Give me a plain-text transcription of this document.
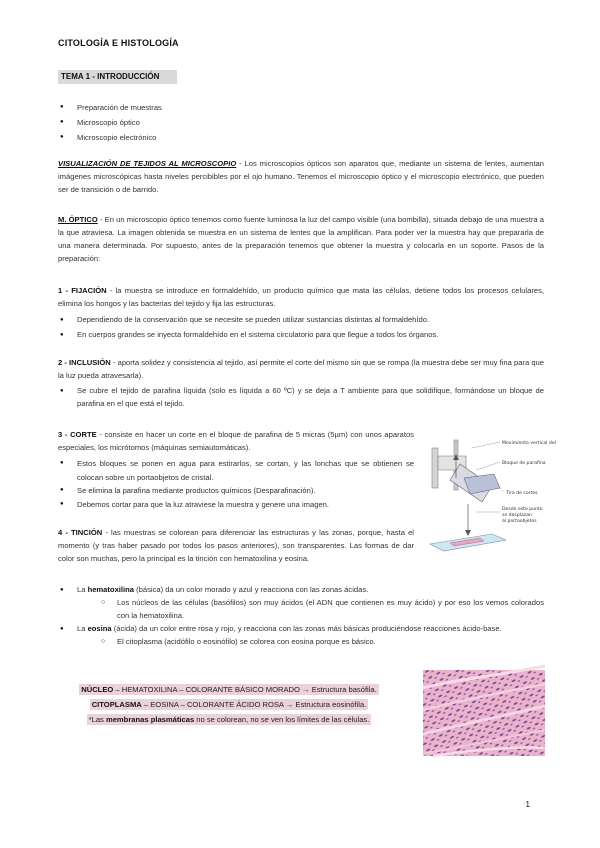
CITOLOGÍA E HISTOLOGÍA
TEMA 1 - INTRODUCCIÓN
● Preparación de muestras
● Microscopio óptico
● Microscopio electrónico
VISUALIZACIÓN DE TEJIDOS AL MICROSCOPIO - Los microscopios ópticos son aparatos que, mediante un sistema de lentes, aumentan imágenes microscópicas hasta niveles percibibles por el ojo humano. Tenemos el microscopio óptico y el microscopio electrónico, que pueden ser de transición o de barrido.
M. ÓPTICO - En un microscopio óptico tenemos como fuente luminosa la luz del campo visible (una bombilla), situada debajo de una muestra a la que atraviesa. La imagen obtenida se muestra en un sistema de lentes que la amplifican. Para poder ver la muestra hay que prepararla de una manera determinada. Por supuesto, antes de la preparación tenemos que obtener la muestra y colocarla en un soporte. Pasos de la preparación:
1 - FIJACIÓN - la muestra se introduce en formaldehído, un producto químico que mata las células, detiene todos los procesos celulares, elimina los hongos y las bacterias del tejido y fija las estructuras.
● Dependiendo de la conservación que se necesite se pueden utilizar sustancias distintas al formaldehído.
● En cuerpos grandes se inyecta formaldehído en el sistema circulatorio para que llegue a todos los órganos.
2 - INCLUSIÓN - aporta solidez y consistencia al tejido, así permite el corte del mismo sin que se rompa (la muestra debe ser muy fina para que la luz pueda atravesarla).
● Se cubre el tejido de parafina líquida (solo es líquida a 60 ºC) y se deja a T ambiente para que solidifique, formándose un bloque de parafina en el que está el tejido.
3 - CORTE - consiste en hacer un corte en el bloque de parafina de 5 micras (5µm) con unos aparatos especiales, los micrótomos (máquinas semiautomáticas).
● Estos bloques se ponen en agua para estirarlos, se cortan, y las lonchas que se obtienen se colocan sobre un portaobjetos de cristal.
● Se elimina la parafina mediante productos químicos (Desparafinación).
● Debemos cortar para que la luz atraviese la muestra y genere una imagen.
4 - TINCIÓN - las muestras se colorean para diferenciar las estructuras y las zonas, porque, hasta el momento (y tras haber pasado por todos los pasos anteriores), son transparentes. Las formas de dar color son muchas, pero la principal es la tinción con hematoxilina y eosina.
● La hematoxilina (básica) da un color morado y azul y reacciona con las zonas ácidas.
○ Los núcleos de las células (basófilos) son muy ácidos (el ADN que contienen es muy ácido) y por eso los vemos colorados con la hematoxilina.
● La eosina (ácida) da un color entre rosa y rojo, y reacciona con las zonas más básicas produciéndose reacciones ácido-base.
○ El citoplasma (acidófilo o eosinófilo) se colorea con eosina porque es básico.
NÚCLEO – HEMATOXILINA – COLORANTE BÁSICO MORADO → Estructura basófila.
CITOPLASMA – EOSINA – COLORANTE ÁCIDO ROSA → Estructura eosinófila.
*Las membranas plasmáticas no se colorean, no se ven los límites de las células.
Movimiento vertical del
Bloque de parafina
Tira de cortes
Desde este punto
se desplazan
al portaobjetos
1
